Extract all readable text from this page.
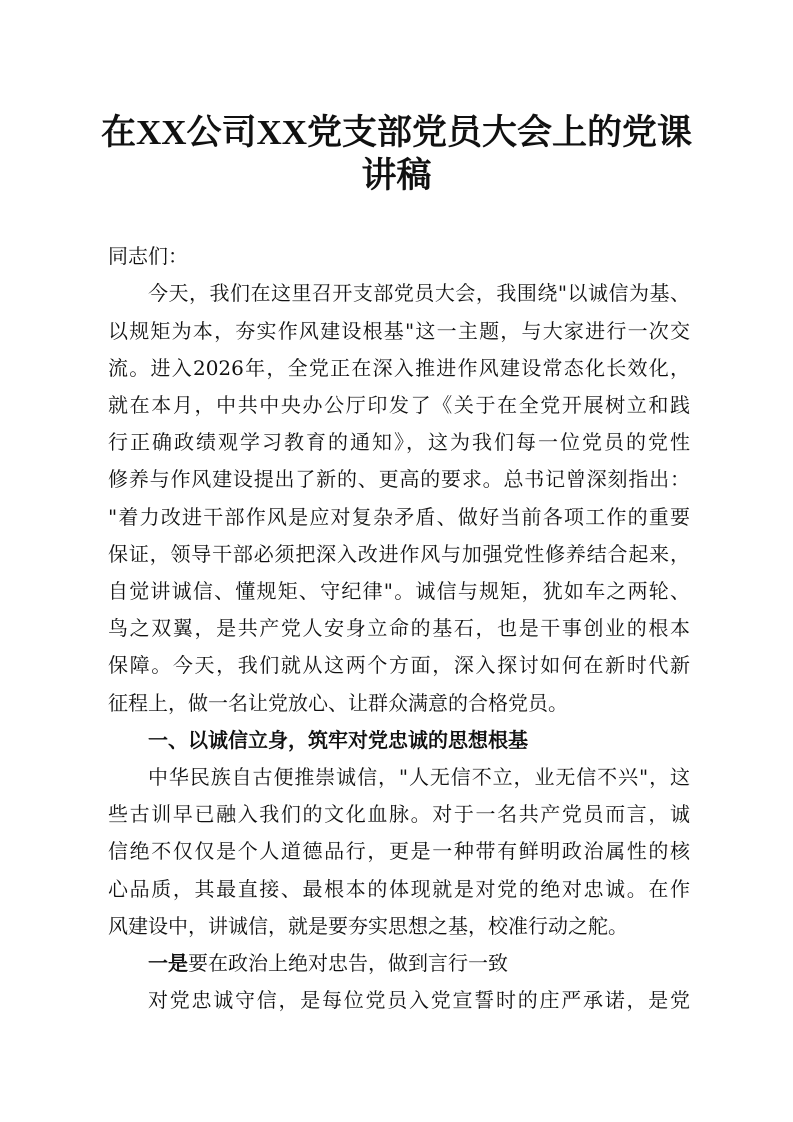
在XX公司XX党支部党员大会上的党课
讲稿
同志们：
今天，我们在这里召开支部党员大会，我围绕"以诚信为基、
以规矩为本，夯实作风建设根基"这一主题，与大家进行一次交
流。进入2026年，全党正在深入推进作风建设常态化长效化，
就在本月，中共中央办公厅印发了《关于在全党开展树立和践
行正确政绩观学习教育的通知》，这为我们每一位党员的党性
修养与作风建设提出了新的、更高的要求。总书记曾深刻指出：
"着力改进干部作风是应对复杂矛盾、做好当前各项工作的重要
保证，领导干部必须把深入改进作风与加强党性修养结合起来，
自觉讲诚信、懂规矩、守纪律"。诚信与规矩，犹如车之两轮、
鸟之双翼，是共产党人安身立命的基石，也是干事创业的根本
保障。今天，我们就从这两个方面，深入探讨如何在新时代新
征程上，做一名让党放心、让群众满意的合格党员。
一、以诚信立身，筑牢对党忠诚的思想根基
中华民族自古便推崇诚信，"人无信不立，业无信不兴"，这
些古训早已融入我们的文化血脉。对于一名共产党员而言，诚
信绝不仅仅是个人道德品行，更是一种带有鲜明政治属性的核
心品质，其最直接、最根本的体现就是对党的绝对忠诚。在作
风建设中，讲诚信，就是要夯实思想之基，校准行动之舵。
一是要在政治上绝对忠告，做到言行一致
对党忠诚守信，是每位党员入党宣誓时的庄严承诺，是党
